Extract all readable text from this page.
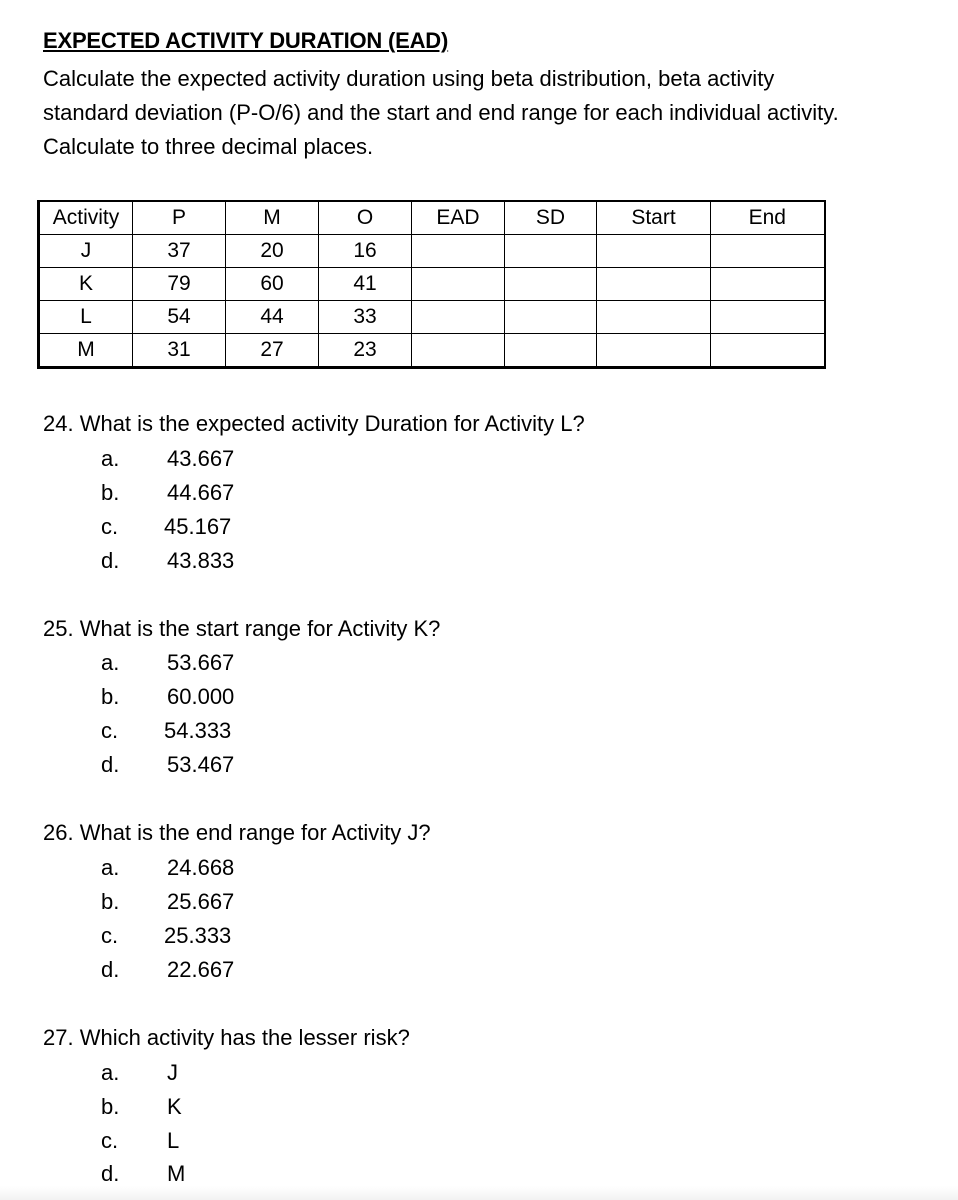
EXPECTED ACTIVITY DURATION (EAD)
Calculate the expected activity duration using beta distribution, beta activity standard deviation (P-O/6) and the start and end range for each individual activity. Calculate to three decimal places.
Activity	P	M	O	EAD	SD	Start	End
J	37	20	16				
K	79	60	41				
L	54	44	33				
M	31	27	23				
24. What is the expected activity Duration for Activity L?
a.	43.667
b.	44.667
c.	45.167
d.	43.833
25. What is the start range for Activity K?
a.	53.667
b.	60.000
c.	54.333
d.	53.467
26. What is the end range for Activity J?
a.	24.668
b.	25.667
c.	25.333
d.	22.667
27. Which activity has the lesser risk?
a.	J
b.	K
c.	L
d.	M
